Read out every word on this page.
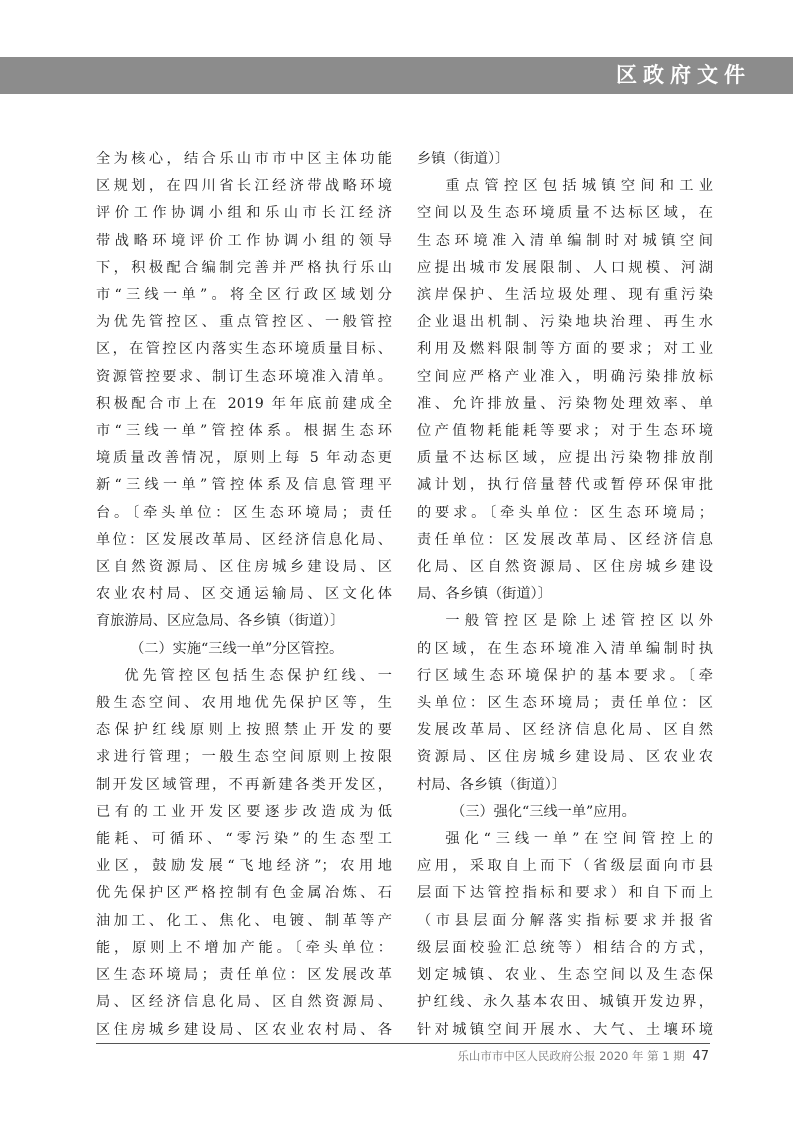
区政府文件

全为核心，结合乐山市市中区主体功能

区规划，在四川省长江经济带战略环境

评价工作协调小组和乐山市长江经济

带战略环境评价工作协调小组的领导

下，积极配合编制完善并严格执行乐山

市“三线一单”。将全区行政区域划分

为优先管控区、重点管控区、一般管控

区，在管控区内落实生态环境质量目标、

资源管控要求、制订生态环境准入清单。

积极配合市上在 2019 年年底前建成全

市“三线一单”管控体系。根据生态环

境质量改善情况，原则上每 5 年动态更

新“三线一单”管控体系及信息管理平

台。〔牵头单位：区生态环境局；责任

单位：区发展改革局、区经济信息化局、

区自然资源局、区住房城乡建设局、区

农业农村局、区交通运输局、区文化体

育旅游局、区应急局、各乡镇（街道）〕

（二）实施“三线一单”分区管控。

优先管控区包括生态保护红线、一

般生态空间、农用地优先保护区等，生

态保护红线原则上按照禁止开发的要

求进行管理；一般生态空间原则上按限

制开发区域管理，不再新建各类开发区，

已有的工业开发区要逐步改造成为低

能耗、可循环、“零污染”的生态型工

业区，鼓励发展“飞地经济”；农用地

优先保护区严格控制有色金属冶炼、石

油加工、化工、焦化、电镀、制革等产

能，原则上不增加产能。〔牵头单位：

区生态环境局；责任单位：区发展改革

局、区经济信息化局、区自然资源局、

区住房城乡建设局、区农业农村局、各

乡镇（街道）〕

重点管控区包括城镇空间和工业

空间以及生态环境质量不达标区域，在

生态环境准入清单编制时对城镇空间

应提出城市发展限制、人口规模、河湖

滨岸保护、生活垃圾处理、现有重污染

企业退出机制、污染地块治理、再生水

利用及燃料限制等方面的要求；对工业

空间应严格产业准入，明确污染排放标

准、允许排放量、污染物处理效率、单

位产值物耗能耗等要求；对于生态环境

质量不达标区域，应提出污染物排放削

减计划，执行倍量替代或暂停环保审批

的要求。〔牵头单位：区生态环境局；

责任单位：区发展改革局、区经济信息

化局、区自然资源局、区住房城乡建设

局、各乡镇（街道）〕

一般管控区是除上述管控区以外

的区域，在生态环境准入清单编制时执

行区域生态环境保护的基本要求。〔牵

头单位：区生态环境局；责任单位：区

发展改革局、区经济信息化局、区自然

资源局、区住房城乡建设局、区农业农

村局、各乡镇（街道）〕

（三）强化“三线一单”应用。

强化“三线一单”在空间管控上的

应用，采取自上而下（省级层面向市县

层面下达管控指标和要求）和自下而上

（市县层面分解落实指标要求并报省

级层面校验汇总统等）相结合的方式，

划定城镇、农业、生态空间以及生态保

护红线、永久基本农田、城镇开发边界，

针对城镇空间开展水、大气、土壤环境

乐山市市中区人民政府公报 2020 年 第 1 期 47
